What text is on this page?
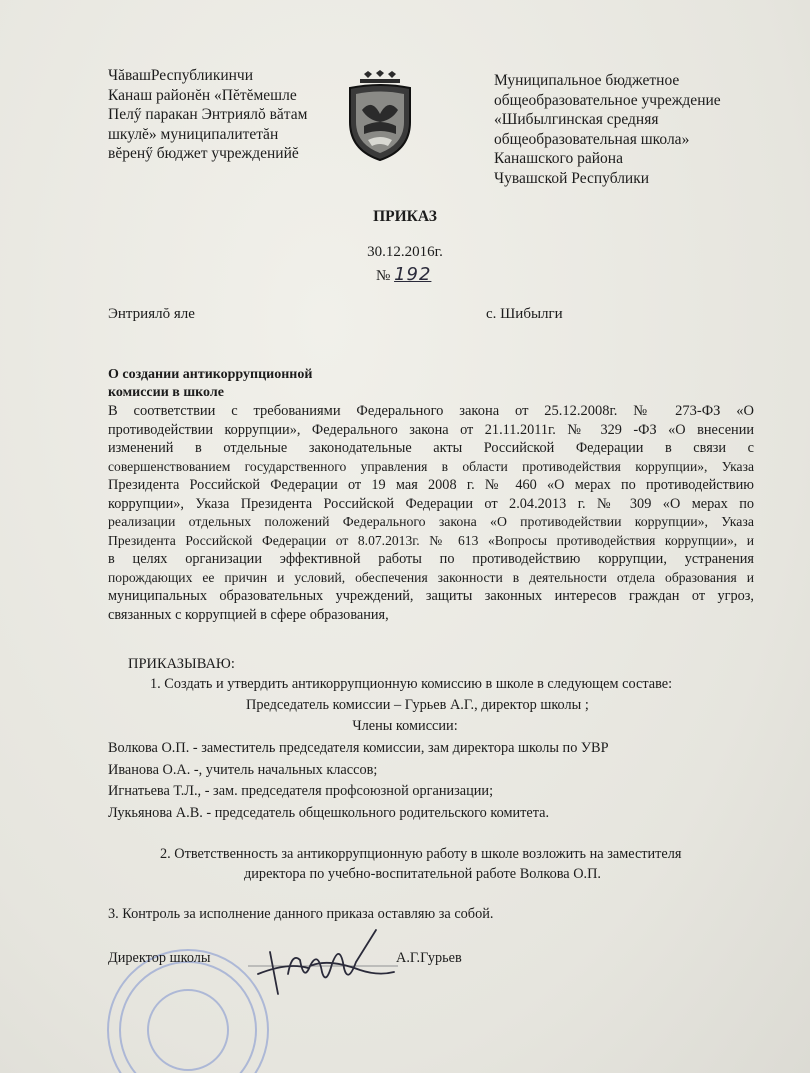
ЧăвашРеспубликинчи
Канаш районĕн «Пĕтĕмешле
Пелӳ паракан Энтриялŏ вăтам
шкулĕ» муниципалитетăн
вĕренӳ бюджет учрежденийĕ
Муниципальное бюджетное
общеобразовательное учреждение
«Шибылгинская средняя
общеобразовательная школа»
Канашского района
Чувашской Республики
ПРИКАЗ
30.12.2016г.
№ 192
Энтриялŏ яле	с. Шибылги
О создании антикоррупционной
комиссии в школе
В соответствии с требованиями Федерального закона от 25.12.2008г. № 273-ФЗ «О
противодействии коррупции», Федерального закона от 21.11.2011г. № 329 -ФЗ «О внесении
изменений в отдельные законодательные акты Российской Федерации в связи с
совершенствованием государственного управления в области противодействия коррупции», Указа
Президента Российской Федерации от 19 мая 2008 г. № 460 «О мерах по противодействию
коррупции», Указа Президента Российской Федерации от 2.04.2013 г. № 309 «О мерах по
реализации отдельных положений Федерального закона «О противодействии коррупции», Указа
Президента Российской Федерации от 8.07.2013г. № 613 «Вопросы противодействия коррупции», и
в целях организации эффективной работы по противодействию коррупции, устранения
порождающих ее причин и условий, обеспечения законности в деятельности отдела образования и
муниципальных образовательных учреждений, защиты законных интересов граждан от угроз,
связанных с коррупцией в сфере образования,
ПРИКАЗЫВАЮ:
1. Создать и утвердить антикоррупционную комиссию в школе в следующем составе:
Председатель комиссии – Гурьев А.Г., директор школы ;
Члены комиссии:
Волкова О.П. - заместитель председателя комиссии, зам директора школы по УВР
Иванова О.А. -, учитель начальных классов;
Игнатьева Т.Л., - зам. председателя профсоюзной организации;
Лукьянова А.В. - председатель общешкольного родительского комитета.
2. Ответственность за антикоррупционную работу в школе возложить на заместителя
директора по учебно-воспитательной работе Волкова О.П.
3. Контроль за исполнение данного приказа оставляю за собой.
Директор школы	А.Г.Гурьев
